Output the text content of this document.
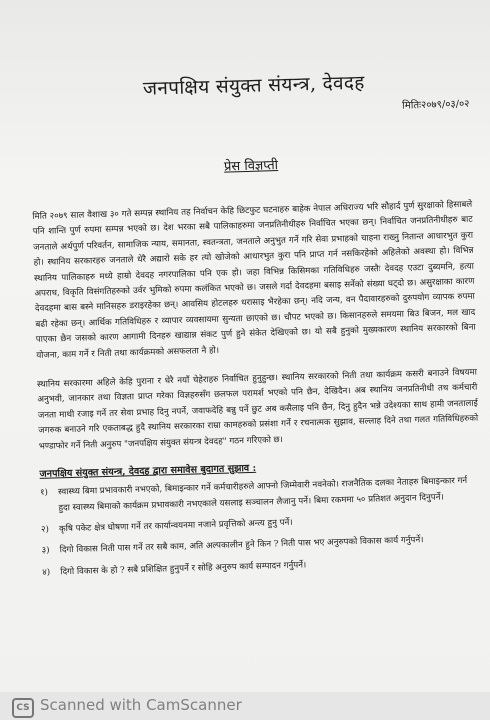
जनपक्षिय संयुक्त संयन्त्र, देवदह
मितिः२०७९/०३/०२
प्रेस विज्ञप्ती

मिति २०७९ साल वैशाख ३० गते सम्पन्न स्थानिय तह निर्वाचन केहि छिटफुट घटनाहरु बाहेक नेपाल अधिराज्य भरि सौहार्द पुर्ण सुरक्षाको हिसाबले पनि शान्ति पुर्ण रुपमा सम्पन्न भएको छ। देश भरका सबै पालिकाहरुमा जनप्रतिनीधीहरु निर्वाचित भएका छन्। निर्वाचित जनप्रतिनीधीहरु बाट जनताले अर्थपुर्ण परिवर्तन, सामाजिक न्याय, समानता, स्वतन्त्रता, जनताले अनुभुत गर्ने गरि सेवा प्रभाहको चाहना राख्नु नितान्त आधारभुत कुरा हो। स्थानिय सरकारहरु जनताले धेरै अद्यारो सके हर त्यो खोजेको आधारभुत कुरा पनि प्राप्त गर्न नसकिरहेको अहिलेको अवस्था हो। विभिन्न स्थानिय पालिकाहरु मध्ये हाम्रो देवदह नगरपालिका पनि एक हो। जहा विभिन्न किसिमका गतिविधिहरु जस्तैः देवदह एउटा दुब्यमनि, हत्या अपराध, विकृति विसंगतिहरुको उर्वर भुमिको रुपमा कलंकित भएको छ। जसले गर्दा देवदहमा बसाइ सर्नेको संख्या घट्दो छ। असुरक्षाका कारण देवदहमा बास बस्ने मानिसहरु डराइरहेका छन्। आवसिय होटलहरु धरासाइ भैरहेका छन्। नदि जन्य, वन पैदावारहरुको दुरुपयोग व्यापक रुपमा बढी रहेका छन्। आर्थिक गतिविधिहरु र व्यापार व्यवसायमा सुन्यता छाएको छ। चौपट भएको छ। किसानहरुले समयमा बिउ बिजन, मल खाद पाएका छैन जसको कारण आगामी दिनहरु खाद्यान्न संकट पुर्ण हुने संकेत देखिएको छ। यो सबै हुनुको मुख्यकारण स्थानिय सरकारको बिना योजना, काम गर्ने र निती तथा कार्यक्रमको असफलता नै हो।

स्थानिय सरकारमा अहिले केहि पुराना र धेरै नयाँ चेहेराहरु निर्वाचित हुनुहुन्छ। स्थानिय सरकारको निती तथा कार्यक्रम कसरी बनाउने विषयमा अनुभवी, जानकार तथा विज्ञता प्राप्त गरेका विज्ञहरुसँग छलफल परामर्श भएको पनि छैन, देखिदैन। अब स्थानिय जनप्रतिनीधी तथ कर्मचारी जनता माथी रजाइ गर्ने तर सेवा प्रभाह दिनु नपर्ने, जवाफदेहि बन्नु पर्ने छुट अब कसैलाइ पनि छैन, दिनु हुदैन भन्ने उदेश्यका साथ हामी जनतालाई जगरुक बनाउने गरि एकताबद्ध हुदै स्थानिय सरकारका राम्रा कामहरुको प्रसंशा गर्ने र रचनात्मक सुझाव, सल्लाह दिने तथा गलत गतिविधिहरुको भण्डाफोर गर्ने निती अनुरुप "जनपक्षिय संयुक्त संयन्त्र देवदह" गठन गरिएको छ।

जनपक्षिय संयुक्त संयन्त्र, देवदह द्वारा समावेस बुदागत सुझाव :
१)	स्वास्थ्य बिमा प्रभावकारी नभएको, बिमाइन्कार गर्ने कर्मचारीहरुले आफ्नो जिम्मेवारी नवनेको। राजनैतिक दलका नेताहरु बिमाइन्कार गर्न हुदा स्वास्थ्य बिमाको कार्यक्रम प्रभावकारी नभएकाले यसलाइ सञ्चालन लैजानु पर्ने। बिमा रकममा ५० प्रतिशत अनुदान दिनुपर्ने।
२)	कृषि पकेट क्षेत्र घोषणा गर्ने तर कार्यान्वयनमा नजाने प्रवृत्तिको अन्त्य हुनु पर्ने।
३)	दिगो विकास निती पास गर्ने तर सबै काम, अति अल्पकालीन हुने किन ? निती पास भए अनुरुपको विकास कार्य गर्नुपर्ने।
४)	दिगो विकास के हो ? सबै प्रशिक्षित हुनुपर्ने र सोहि अनुरुप कार्य सम्पादन गर्नुपर्ने।
CS Scanned with CamScanner
